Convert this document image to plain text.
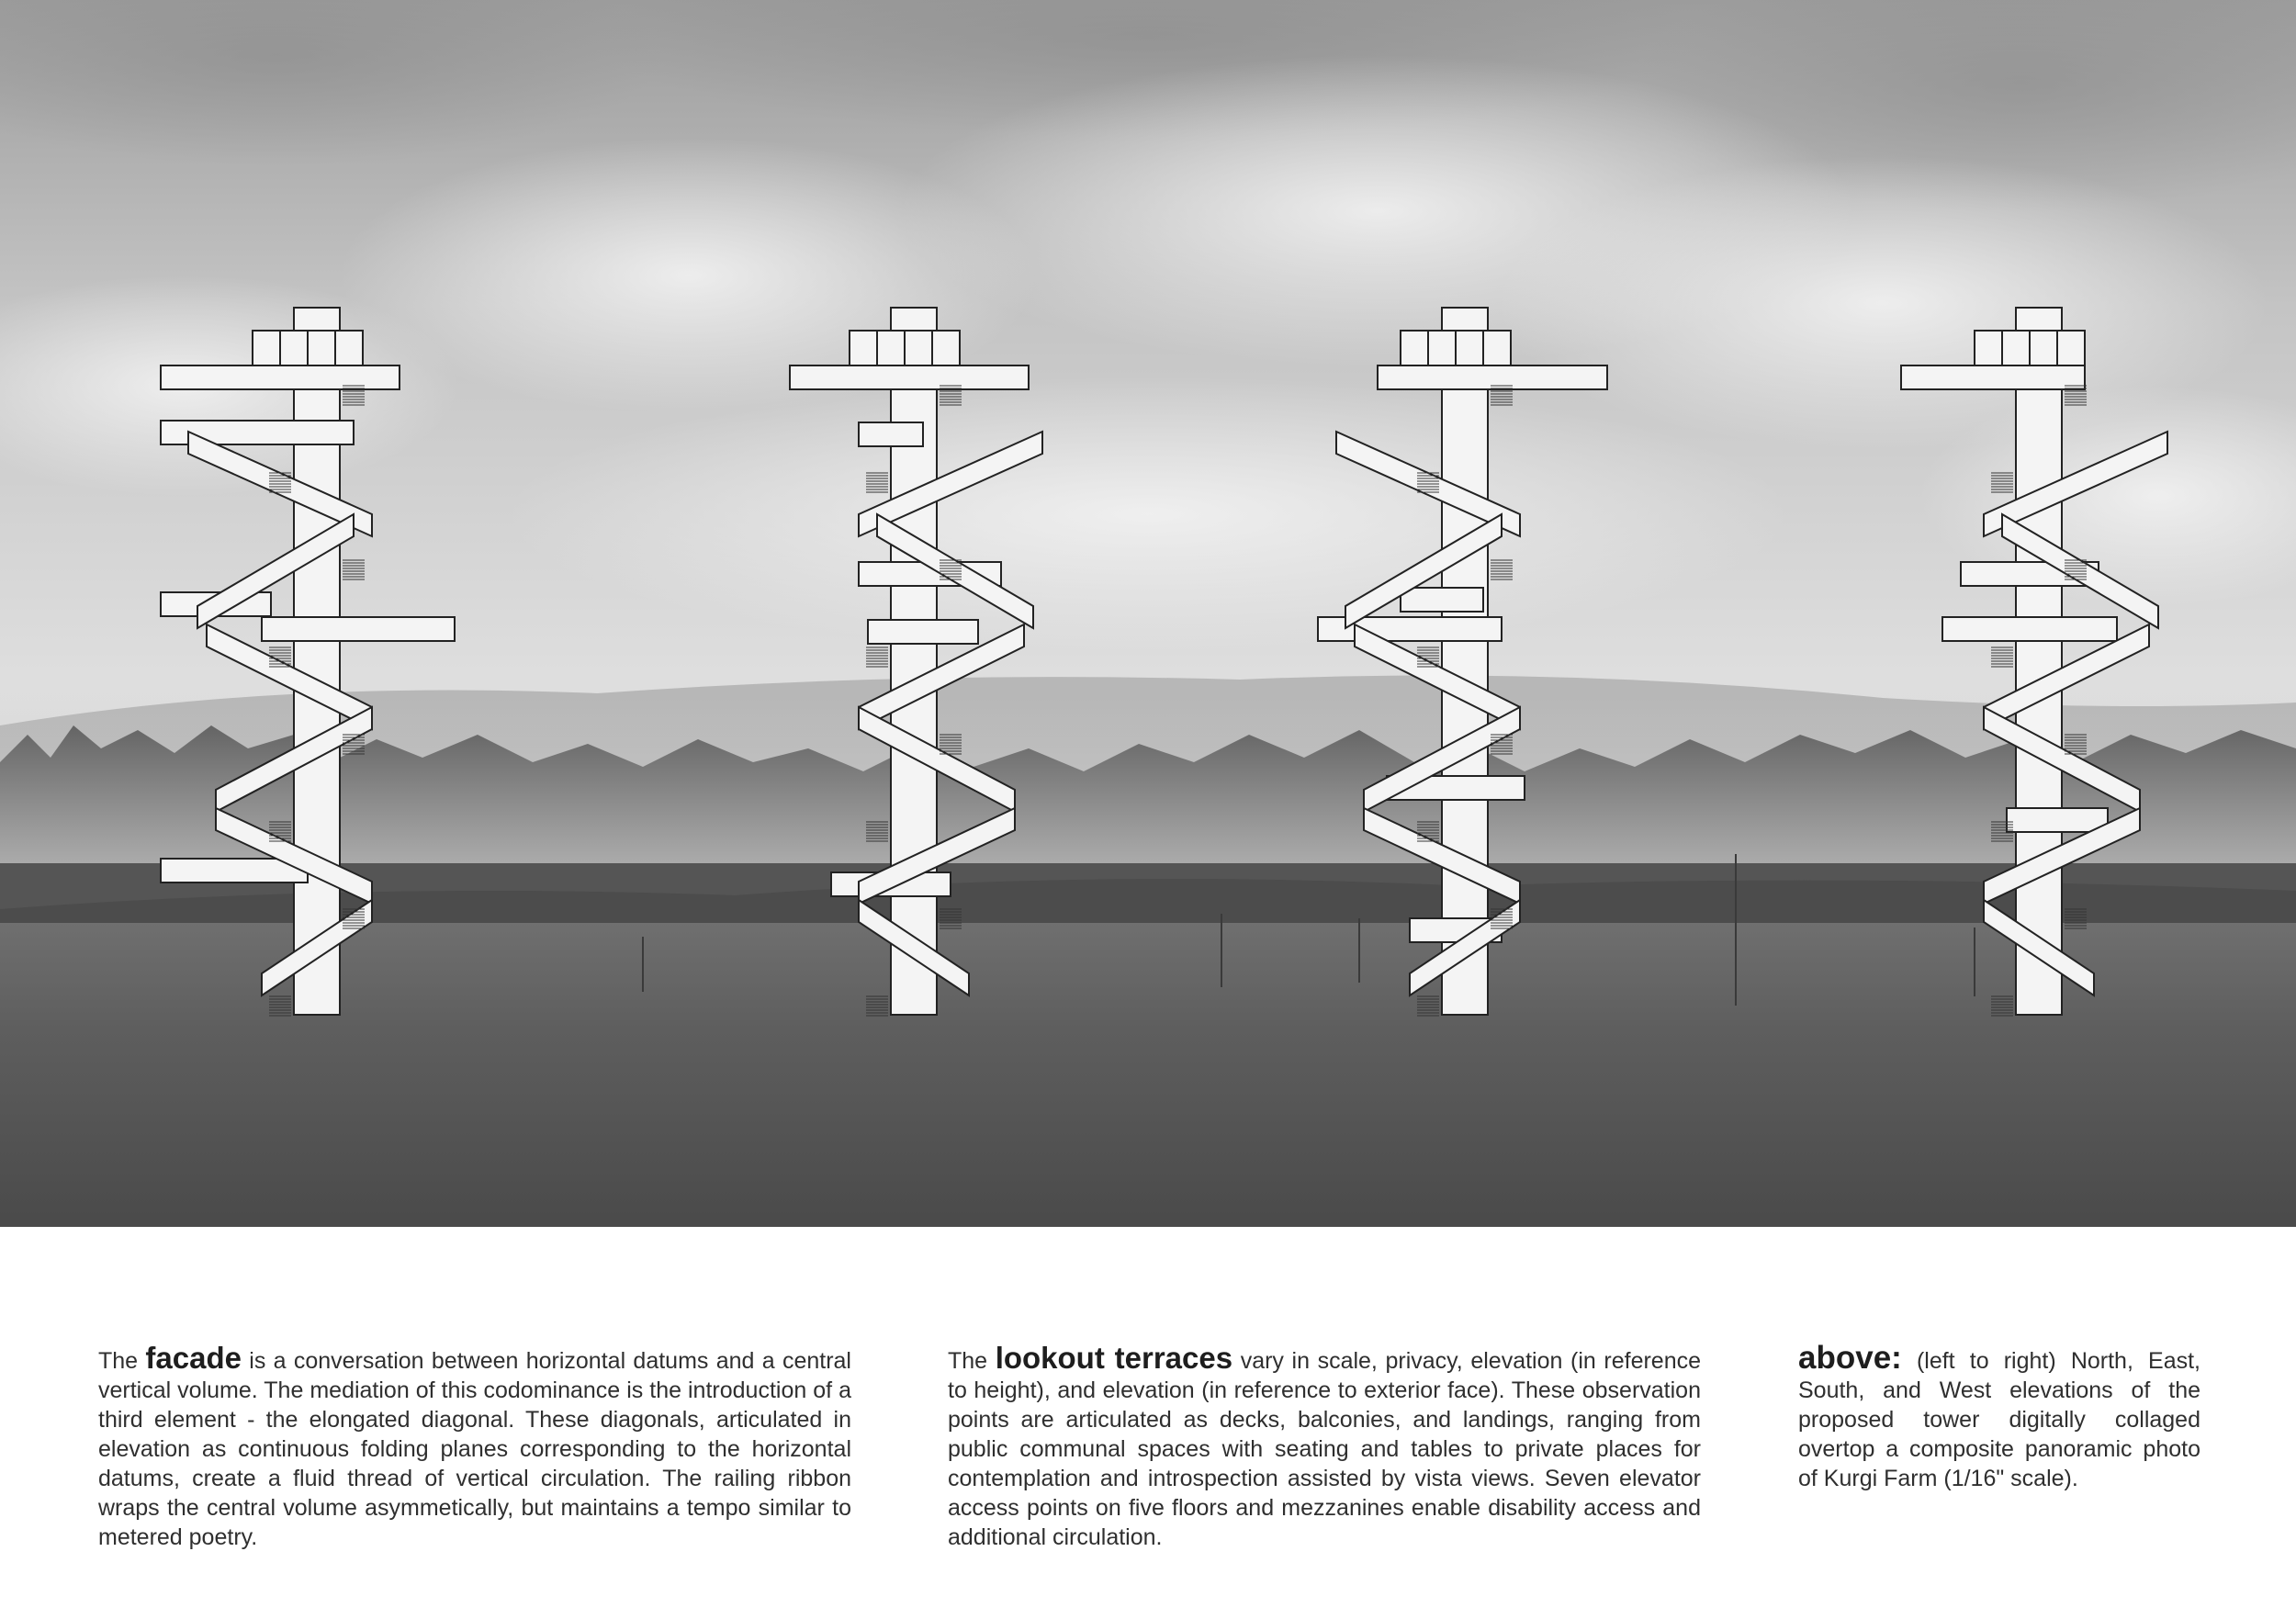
The facade is a conversation between horizontal datums and a central vertical volume. The mediation of this codominance is the introduction of a third element - the elongated diagonal. These diagonals, articulated in elevation as continuous folding planes corresponding to the horizontal datums, create a fluid thread of vertical circulation. The railing ribbon wraps the central volume asymmetically, but maintains a tempo similar to metered poetry.

The lookout terraces vary in scale, privacy, elevation (in reference to height), and elevation (in reference to exterior face). These observation points are articulated as decks, balconies, and landings, ranging from public communal spaces with seating and tables to private places for contemplation and introspection assisted by vista views. Seven elevator access points on five floors and mezzanines enable disability access and additional circulation.

above: (left to right) North, East, South, and West elevations of the proposed tower digitally collaged overtop a composite panoramic photo of Kurgi Farm (1/16" scale).
